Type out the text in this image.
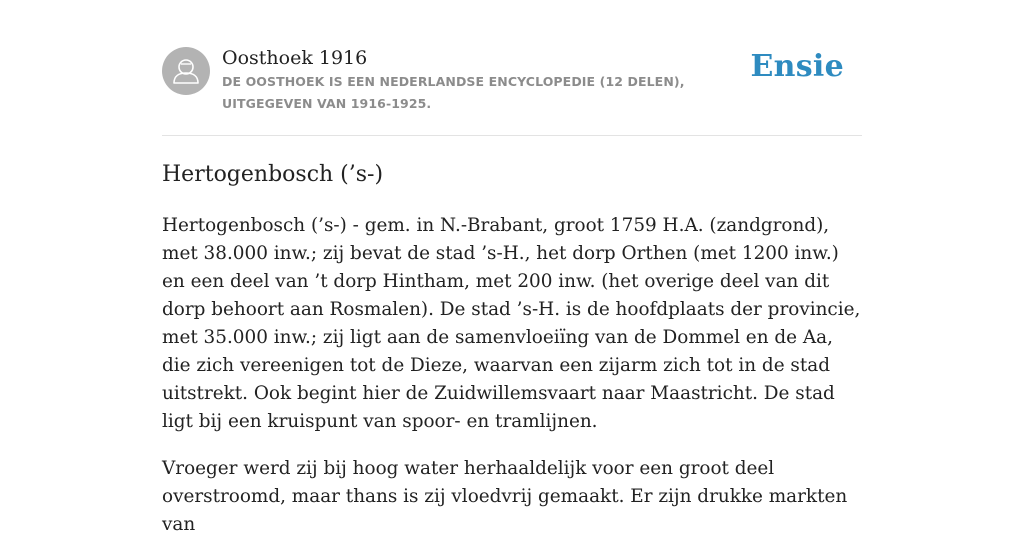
Oosthoek 1916

DE OOSTHOEK IS EEN NEDERLANDSE ENCYCLOPEDIE (12 DELEN), UITGEGEVEN VAN 1916-1925.

Ensie
Hertogenbosch (’s-)

Hertogenbosch (’s-) - gem. in N.-Brabant, groot 1759 H.A. (zandgrond), met 38.000 inw.; zij bevat de stad ’s-H., het dorp Orthen (met 1200 inw.) en een deel van ’t dorp Hintham, met 200 inw. (het overige deel van dit dorp behoort aan Rosmalen). De stad ’s-H. is de hoofdplaats der provincie, met 35.000 inw.; zij ligt aan de samenvloeiïng van de Dommel en de Aa, die zich vereenigen tot de Dieze, waarvan een zijarm zich tot in de stad uitstrekt. Ook begint hier de Zuidwillemsvaart naar Maastricht. De stad ligt bij een kruispunt van spoor- en tramlijnen.

Vroeger werd zij bij hoog water herhaaldelijk voor een groot deel overstroomd, maar thans is zij vloedvrij gemaakt. Er zijn drukke markten van
